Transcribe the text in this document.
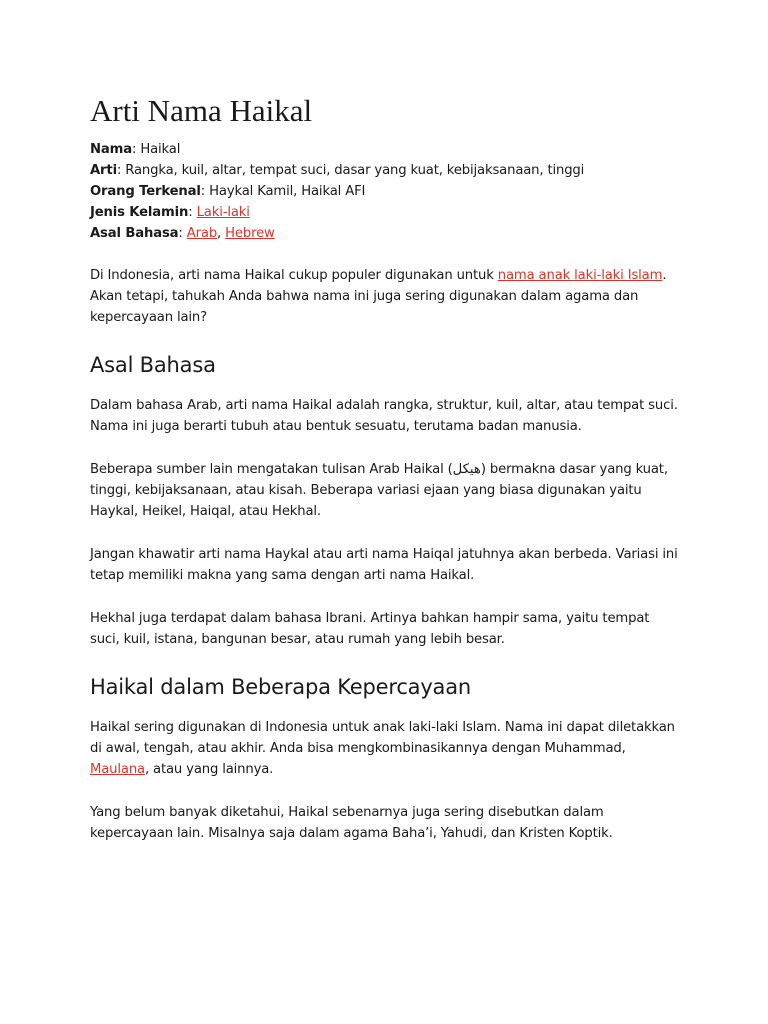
Arti Nama Haikal
Nama: Haikal
Arti: Rangka, kuil, altar, tempat suci, dasar yang kuat, kebijaksanaan, tinggi
Orang Terkenal: Haykal Kamil, Haikal AFI
Jenis Kelamin: Laki-laki
Asal Bahasa: Arab, Hebrew

Di Indonesia, arti nama Haikal cukup populer digunakan untuk nama anak laki-laki Islam. Akan tetapi, tahukah Anda bahwa nama ini juga sering digunakan dalam agama dan kepercayaan lain?

Asal Bahasa

Dalam bahasa Arab, arti nama Haikal adalah rangka, struktur, kuil, altar, atau tempat suci. Nama ini juga berarti tubuh atau bentuk sesuatu, terutama badan manusia.

Beberapa sumber lain mengatakan tulisan Arab Haikal (هيكل) bermakna dasar yang kuat, tinggi, kebijaksanaan, atau kisah. Beberapa variasi ejaan yang biasa digunakan yaitu Haykal, Heikel, Haiqal, atau Hekhal.

Jangan khawatir arti nama Haykal atau arti nama Haiqal jatuhnya akan berbeda. Variasi ini tetap memiliki makna yang sama dengan arti nama Haikal.

Hekhal juga terdapat dalam bahasa Ibrani. Artinya bahkan hampir sama, yaitu tempat suci, kuil, istana, bangunan besar, atau rumah yang lebih besar.

Haikal dalam Beberapa Kepercayaan

Haikal sering digunakan di Indonesia untuk anak laki-laki Islam. Nama ini dapat diletakkan di awal, tengah, atau akhir. Anda bisa mengkombinasikannya dengan Muhammad, Maulana, atau yang lainnya.

Yang belum banyak diketahui, Haikal sebenarnya juga sering disebutkan dalam kepercayaan lain. Misalnya saja dalam agama Baha’i, Yahudi, dan Kristen Koptik.
